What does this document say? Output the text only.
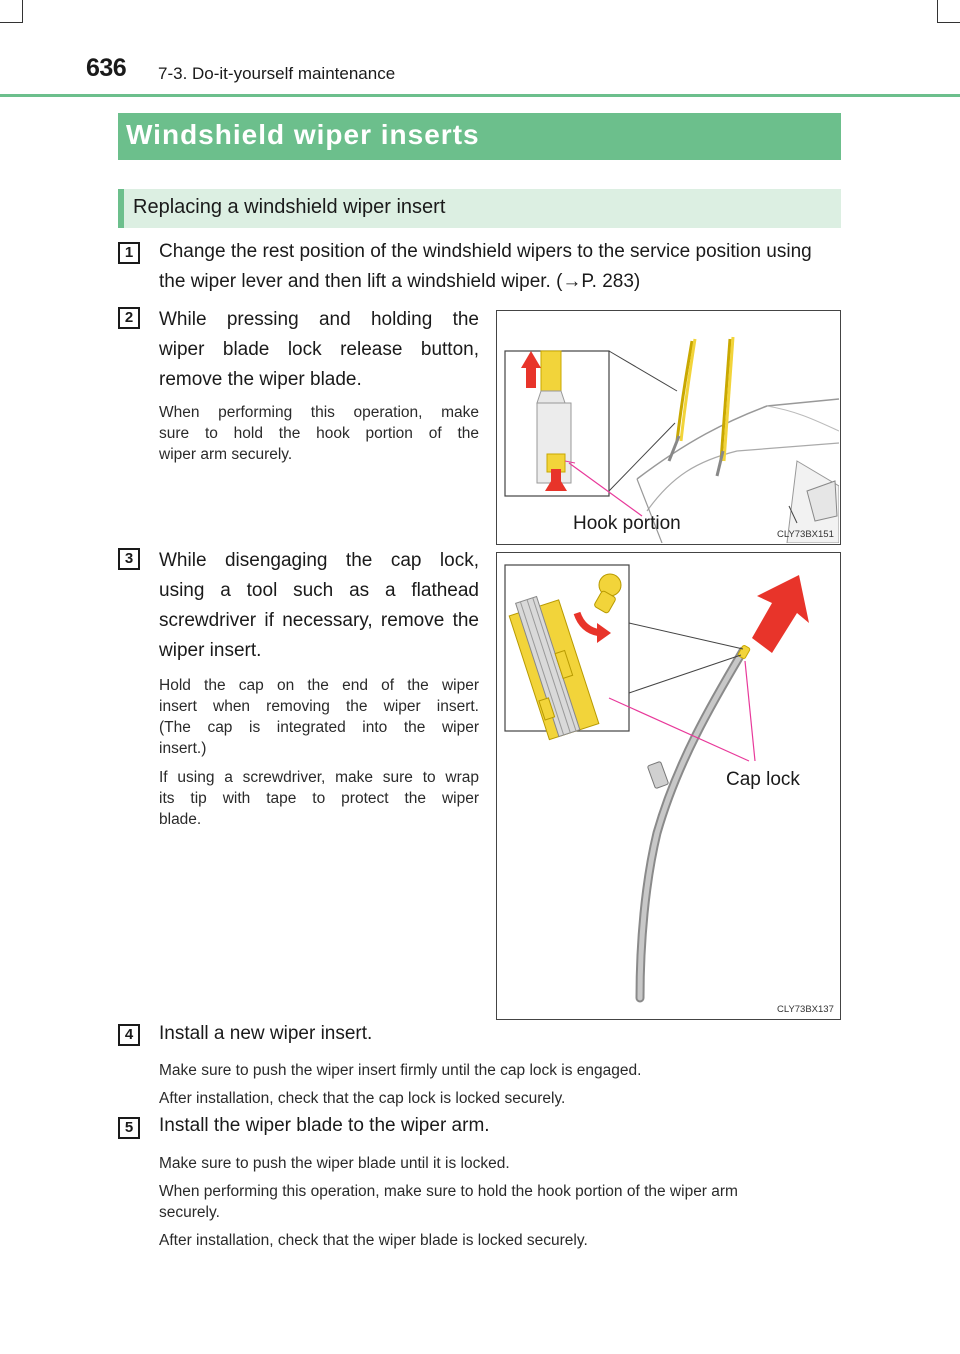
636 7-3. Do-it-yourself maintenance
Windshield wiper inserts
Replacing a windshield wiper insert
1	Change the rest position of the windshield wipers to the service position using
the wiper lever and then lift a windshield wiper. (→P. 283)
2	While pressing and holding the
wiper blade lock release button,
remove the wiper blade.
When performing this operation, make
sure to hold the hook portion of the
wiper arm securely.
Hook portion
CLY73BX151
3	While disengaging the cap lock,
using a tool such as a flathead
screwdriver if necessary, remove the
wiper insert.
Hold the cap on the end of the wiper
insert when removing the wiper insert.
(The cap is integrated into the wiper
insert.)
If using a screwdriver, make sure to wrap
its tip with tape to protect the wiper
blade.
Cap lock
CLY73BX137
4	Install a new wiper insert.
Make sure to push the wiper insert firmly until the cap lock is engaged.
After installation, check that the cap lock is locked securely.
5	Install the wiper blade to the wiper arm.
Make sure to push the wiper blade until it is locked.
When performing this operation, make sure to hold the hook portion of the wiper arm
securely.
After installation, check that the wiper blade is locked securely.
